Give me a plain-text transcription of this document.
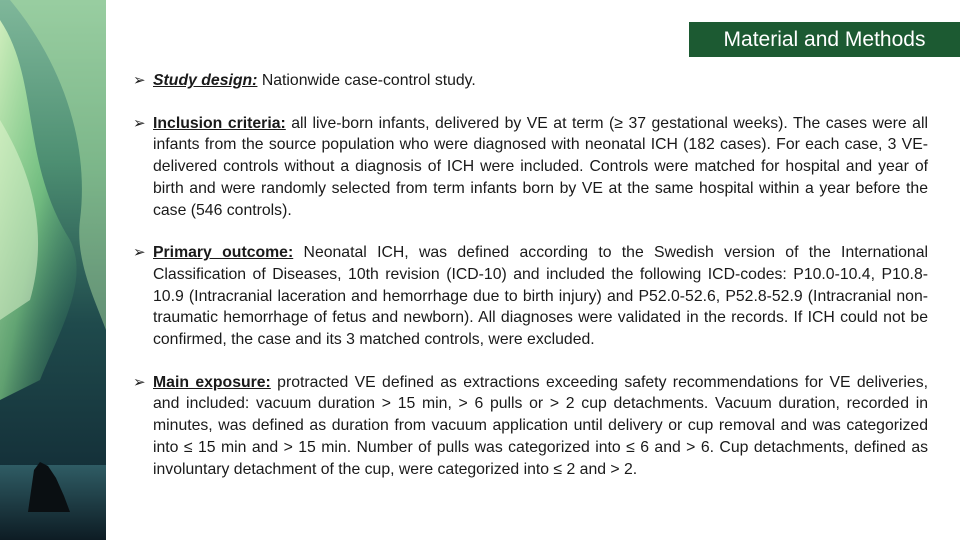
Material and Methods
➢ Study design: Nationwide case-control study.
➢ Inclusion criteria: all live-born infants, delivered by VE at term (≥ 37 gestational weeks). The cases were all infants from the source population who were diagnosed with neonatal ICH (182 cases). For each case, 3 VE-delivered controls without a diagnosis of ICH were included. Controls were matched for hospital and year of birth and were randomly selected from term infants born by VE at the same hospital within a year before the case (546 controls).
➢ Primary outcome: Neonatal ICH, was defined according to the Swedish version of the International Classification of Diseases, 10th revision (ICD-10) and included the following ICD-codes: P10.0-10.4, P10.8-10.9 (Intracranial laceration and hemorrhage due to birth injury) and P52.0-52.6, P52.8-52.9 (Intracranial non-traumatic hemorrhage of fetus and newborn). All diagnoses were validated in the records. If ICH could not be confirmed, the case and its 3 matched controls, were excluded.
➢ Main exposure: protracted VE defined as extractions exceeding safety recommendations for VE deliveries, and included: vacuum duration > 15 min, > 6 pulls or > 2 cup detachments. Vacuum duration, recorded in minutes, was defined as duration from vacuum application until delivery or cup removal and was categorized into ≤ 15 min and > 15 min. Number of pulls was categorized into ≤ 6 and > 6. Cup detachments, defined as involuntary detachment of the cup, were categorized into ≤ 2 and > 2.
